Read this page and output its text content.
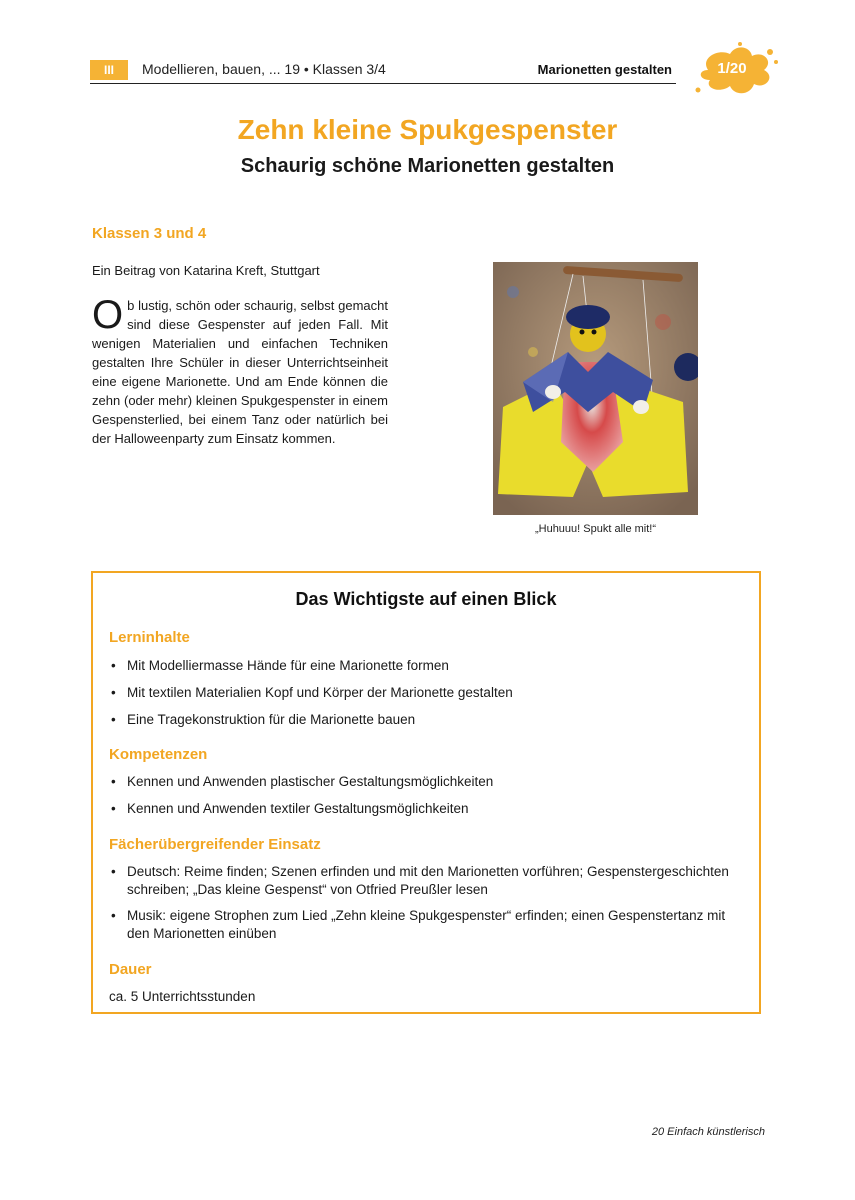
III	Modellieren, bauen, ... 19 • Klassen 3/4	Marionetten gestalten	1/20
Zehn kleine Spukgespenster
Schaurig schöne Marionetten gestalten
Klassen 3 und 4
Ein Beitrag von Katarina Kreft, Stuttgart
Ob lustig, schön oder schaurig, selbst gemacht sind diese Gespenster auf jeden Fall. Mit wenigen Materialien und einfachen Techniken gestalten Ihre Schüler in dieser Unterrichtseinheit eine eigene Marionette. Und am Ende können die zehn (oder mehr) kleinen Spukgespenster in einem Gespensterlied, bei einem Tanz oder natürlich bei der Halloweenparty zum Einsatz kommen.
„Huhuuu! Spukt alle mit!“
Das Wichtigste auf einen Blick
Lerninhalte
• Mit Modelliermasse Hände für eine Marionette formen
• Mit textilen Materialien Kopf und Körper der Marionette gestalten
• Eine Tragekonstruktion für die Marionette bauen
Kompetenzen
• Kennen und Anwenden plastischer Gestaltungsmöglichkeiten
• Kennen und Anwenden textiler Gestaltungsmöglichkeiten
Fächerübergreifender Einsatz
• Deutsch: Reime finden; Szenen erfinden und mit den Marionetten vorführen; Gespenstergeschichten schreiben; „Das kleine Gespenst“ von Otfried Preußler lesen
• Musik: eigene Strophen zum Lied „Zehn kleine Spukgespenster“ erfinden; einen Gespenstertanz mit den Marionetten einüben
Dauer
ca. 5 Unterrichtsstunden
20 Einfach künstlerisch
